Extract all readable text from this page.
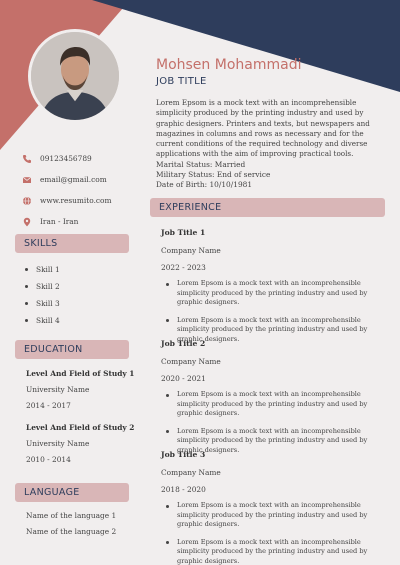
Mohsen Mohammadi
JOB TITLE

Lorem Epsom is a mock text with an incomprehensible simplicity produced by the printing industry and used by graphic designers. Printers and texts, but newspapers and magazines in columns and rows as necessary and for the current conditions of the required technology and diverse applications with the aim of improving practical tools.

Marital Status: Married
Military Status: End of service
Date of Birth: 10/10/1981
09123456789
email@gmail.com
www.resumito.com
Iran - Iran
SKILLS
Skill 1
Skill 2
Skill 3
Skill 4
EDUCATION
Level And Field of Study 1
University Name
2014 - 2017
Level And Field of Study 2
University Name
2010 - 2014
LANGUAGE
Name of the language 1
Name of the language 2
EXPERIENCE
Job Title 1
Company Name
2022 - 2023
Lorem Epsom is a mock text with an incomprehensible simplicity produced by the printing industry and used by graphic designers.
Lorem Epsom is a mock text with an incomprehensible simplicity produced by the printing industry and used by graphic designers.
Job Title 2
Company Name
2020 - 2021
Lorem Epsom is a mock text with an incomprehensible simplicity produced by the printing industry and used by graphic designers.
Lorem Epsom is a mock text with an incomprehensible simplicity produced by the printing industry and used by graphic designers.
Job Title 3
Company Name
2018 - 2020
Lorem Epsom is a mock text with an incomprehensible simplicity produced by the printing industry and used by graphic designers.
Lorem Epsom is a mock text with an incomprehensible simplicity produced by the printing industry and used by graphic designers.
